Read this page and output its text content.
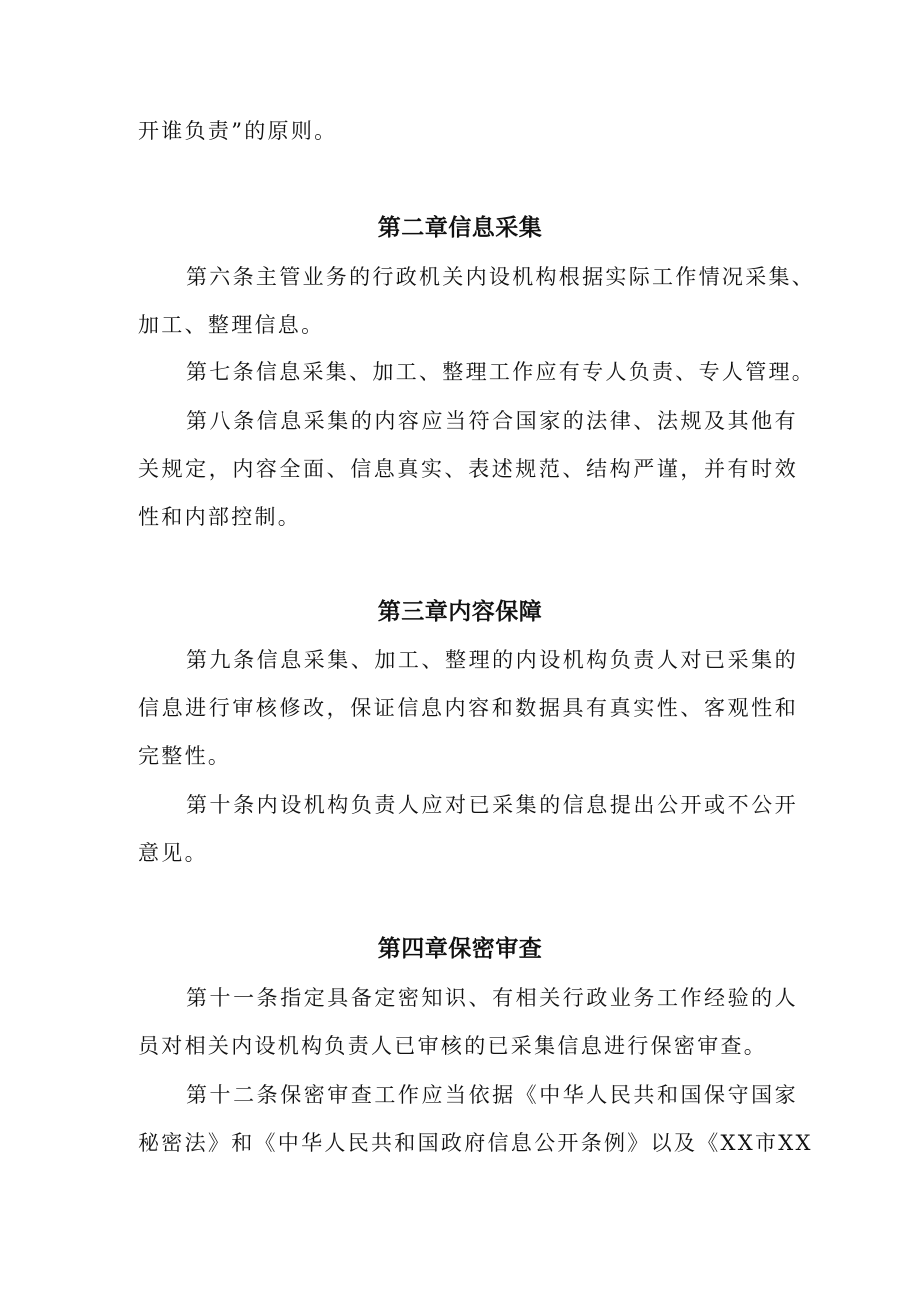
开谁负责”的原则。
第二章信息采集
第六条主管业务的行政机关内设机构根据实际工作情况采集、
加工、整理信息。
第七条信息采集、加工、整理工作应有专人负责、专人管理。
第八条信息采集的内容应当符合国家的法律、法规及其他有
关规定，内容全面、信息真实、表述规范、结构严谨，并有时效
性和内部控制。
第三章内容保障
第九条信息采集、加工、整理的内设机构负责人对已采集的
信息进行审核修改，保证信息内容和数据具有真实性、客观性和
完整性。
第十条内设机构负责人应对已采集的信息提出公开或不公开
意见。
第四章保密审查
第十一条指定具备定密知识、有相关行政业务工作经验的人
员对相关内设机构负责人已审核的已采集信息进行保密审查。
第十二条保密审查工作应当依据《中华人民共和国保守国家
秘密法》和《中华人民共和国政府信息公开条例》以及《XX市XX
